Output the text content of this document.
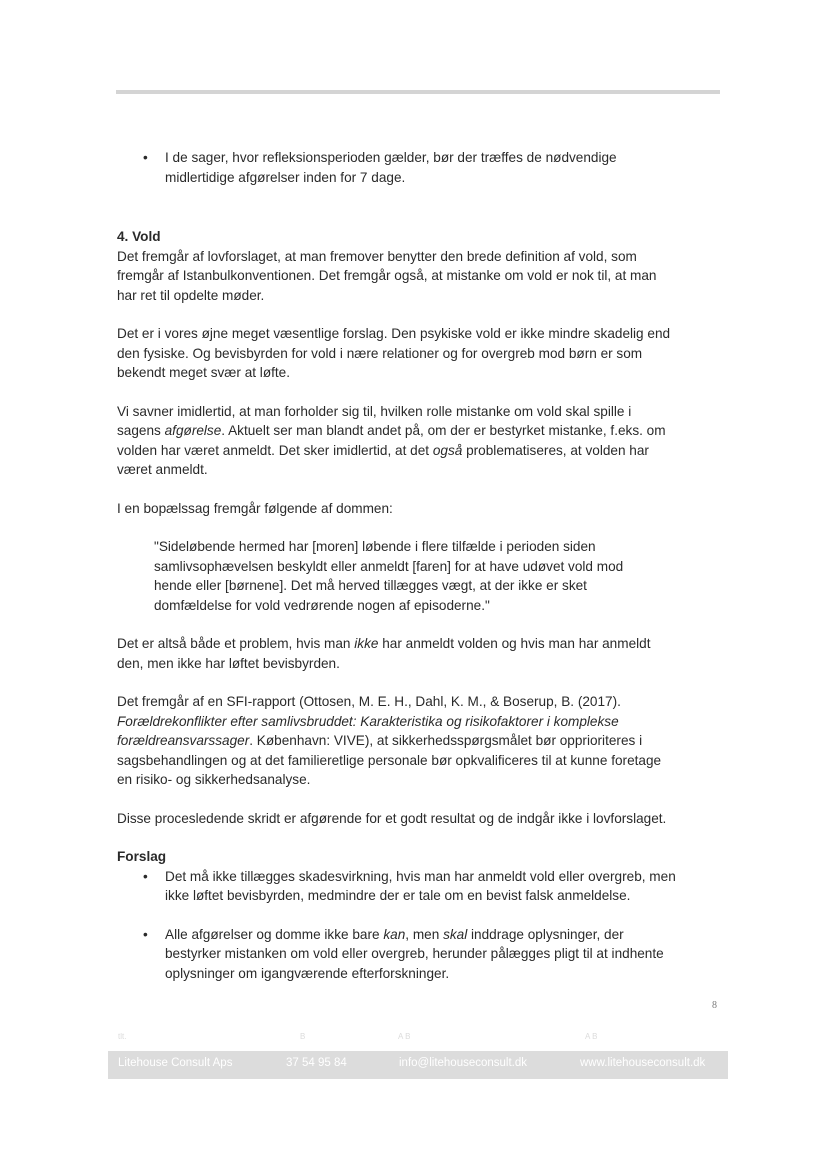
• I de sager, hvor refleksionsperioden gælder, bør der træffes de nødvendige
midlertidige afgørelser inden for 7 dage.

4. Vold

Det fremgår af lovforslaget, at man fremover benytter den brede definition af vold, som
fremgår af Istanbulkonventionen. Det fremgår også, at mistanke om vold er nok til, at man
har ret til opdelte møder.

Det er i vores øjne meget væsentlige forslag. Den psykiske vold er ikke mindre skadelig end
den fysiske. Og bevisbyrden for vold i nære relationer og for overgreb mod børn er som
bekendt meget svær at løfte.

Vi savner imidlertid, at man forholder sig til, hvilken rolle mistanke om vold skal spille i
sagens afgørelse. Aktuelt ser man blandt andet på, om der er bestyrket mistanke, f.eks. om
volden har været anmeldt. Det sker imidlertid, at det også problematiseres, at volden har
været anmeldt.

I en bopælssag fremgår følgende af dommen:

"Sideløbende hermed har [moren] løbende i flere tilfælde i perioden siden
samlivsophævelsen beskyldt eller anmeldt [faren] for at have udøvet vold mod
hende eller [børnene]. Det må herved tillægges vægt, at der ikke er sket
domfældelse for vold vedrørende nogen af episoderne."

Det er altså både et problem, hvis man ikke har anmeldt volden og hvis man har anmeldt
den, men ikke har løftet bevisbyrden.

Det fremgår af en SFI-rapport (Ottosen, M. E. H., Dahl, K. M., & Boserup, B. (2017).
Forældrekonflikter efter samlivsbruddet: Karakteristika og risikofaktorer i komplekse
forældreansvarssager. København: VIVE), at sikkerhedsspørgsmålet bør opprioriteres i
sagsbehandlingen og at det familieretlige personale bør opkvalificeres til at kunne foretage
en risiko- og sikkerhedsanalyse.

Disse procesledende skridt er afgørende for et godt resultat og de indgår ikke i lovforslaget.

Forslag

• Det må ikke tillægges skadesvirkning, hvis man har anmeldt vold eller overgreb, men
ikke løftet bevisbyrden, medmindre der er tale om en bevist falsk anmeldelse.
• Alle afgørelser og domme ikke bare kan, men skal inddrage oplysninger, der
bestyrker mistanken om vold eller overgreb, herunder pålægges pligt til at indhente
oplysninger om igangværende efterforskninger.
8
tlt.	B	A B	A B
Litehouse Consult Aps	37 54 95 84	info@litehouseconsult.dk	www.litehouseconsult.dk
